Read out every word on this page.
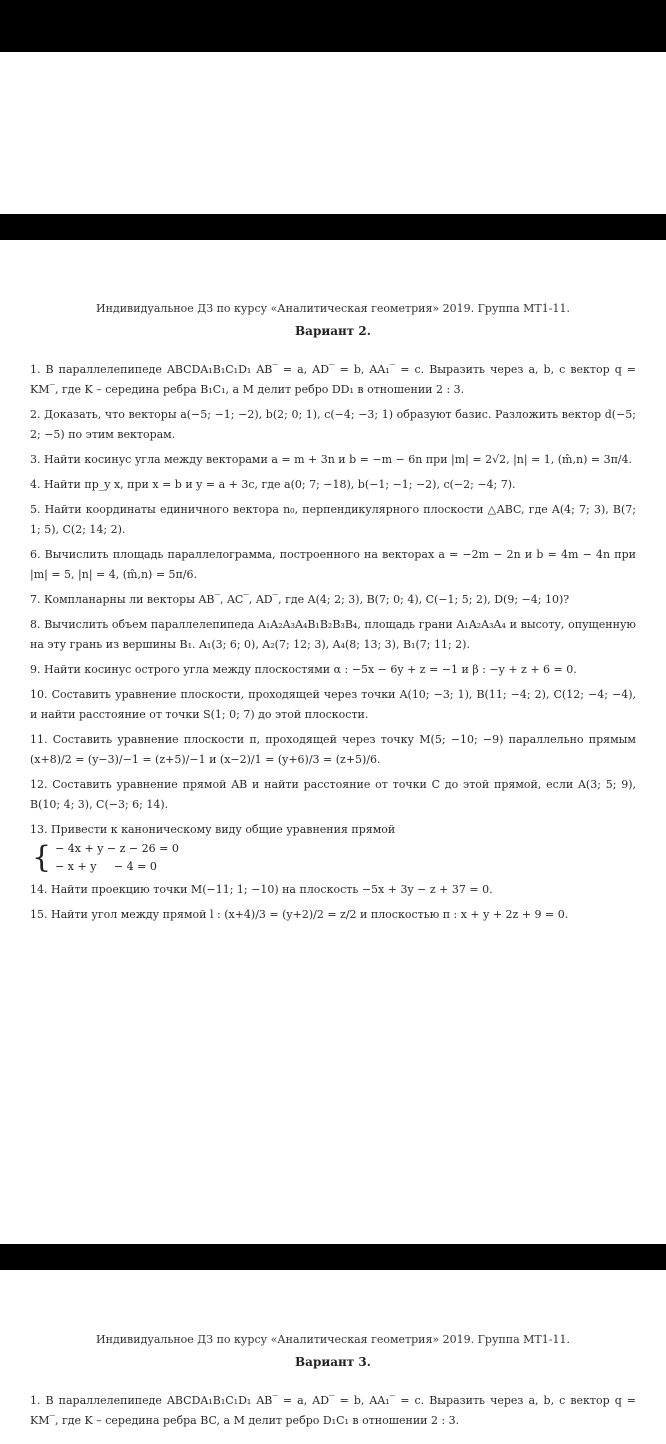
Индивидуальное ДЗ по курсу «Аналитическая геометрия» 2019. Группа МТ1-11.

Вариант 2.

1. В параллелепипеде ABCDA₁B₁C₁D₁ AB‾ = a, AD‾ = b, AA₁‾ = c. Выразить через a, b, c вектор q = KM‾, где K – середина ребра B₁C₁, а M делит ребро DD₁ в отношении 2 : 3.

2. Доказать, что векторы a(−5; −1; −2), b(2; 0; 1), c(−4; −3; 1) образуют базис. Разложить вектор d(−5; 2; −5) по этим векторам.

3. Найти косинус угла между векторами a = m + 3n и b = −m − 6n при |m| = 2√2, |n| = 1, (m̂,n) = 3π/4.

4. Найти пр_y x, при x = b и y = a + 3c, где a(0; 7; −18), b(−1; −1; −2), c(−2; −4; 7).

5. Найти координаты единичного вектора n₀, перпендикулярного плоскости △ABC, где A(4; 7; 3), B(7; 1; 5), C(2; 14; 2).

6. Вычислить площадь параллелограмма, построенного на векторах a = −2m − 2n и b = 4m − 4n при |m| = 5, |n| = 4, (m̂,n) = 5π/6.

7. Компланарны ли векторы AB‾, AC‾, AD‾, где A(4; 2; 3), B(7; 0; 4), C(−1; 5; 2), D(9; −4; 10)?

8. Вычислить объем параллелепипеда A₁A₂A₃A₄B₁B₂B₃B₄, площадь грани A₁A₂A₃A₄ и высоту, опущенную на эту грань из вершины B₁. A₁(3; 6; 0), A₂(7; 12; 3), A₄(8; 13; 3), B₁(7; 11; 2).

9. Найти косинус острого угла между плоскостями α : −5x − 6y + z = −1 и β : −y + z + 6 = 0.

10. Составить уравнение плоскости, проходящей через точки A(10; −3; 1), B(11; −4; 2), C(12; −4; −4), и найти расстояние от точки S(1; 0; 7) до этой плоскости.

11. Составить уравнение плоскости π, проходящей через точку M(5; −10; −9) параллельно прямым (x+8)/2 = (y−3)/−1 = (z+5)/−1 и (x−2)/1 = (y+6)/3 = (z+5)/6.

12. Составить уравнение прямой AB и найти расстояние от точки C до этой прямой, если A(3; 5; 9), B(10; 4; 3), C(−3; 6; 14).

13. Привести к каноническому виду общие уравнения прямой

{ − 4x + y − z − 26 = 0
− x + y     − 4 = 0

14. Найти проекцию точки M(−11; 1; −10) на плоскость −5x + 3y − z + 37 = 0.

15. Найти угол между прямой l : (x+4)/3 = (y+2)/2 = z/2 и плоскостью π : x + y + 2z + 9 = 0.

Индивидуальное ДЗ по курсу «Аналитическая геометрия» 2019. Группа МТ1-11.

Вариант 3.

1. В параллелепипеде ABCDA₁B₁C₁D₁ AB‾ = a, AD‾ = b, AA₁‾ = c. Выразить через a, b, c вектор q = KM‾, где K – середина ребра BC, а M делит ребро D₁C₁ в отношении 2 : 3.
